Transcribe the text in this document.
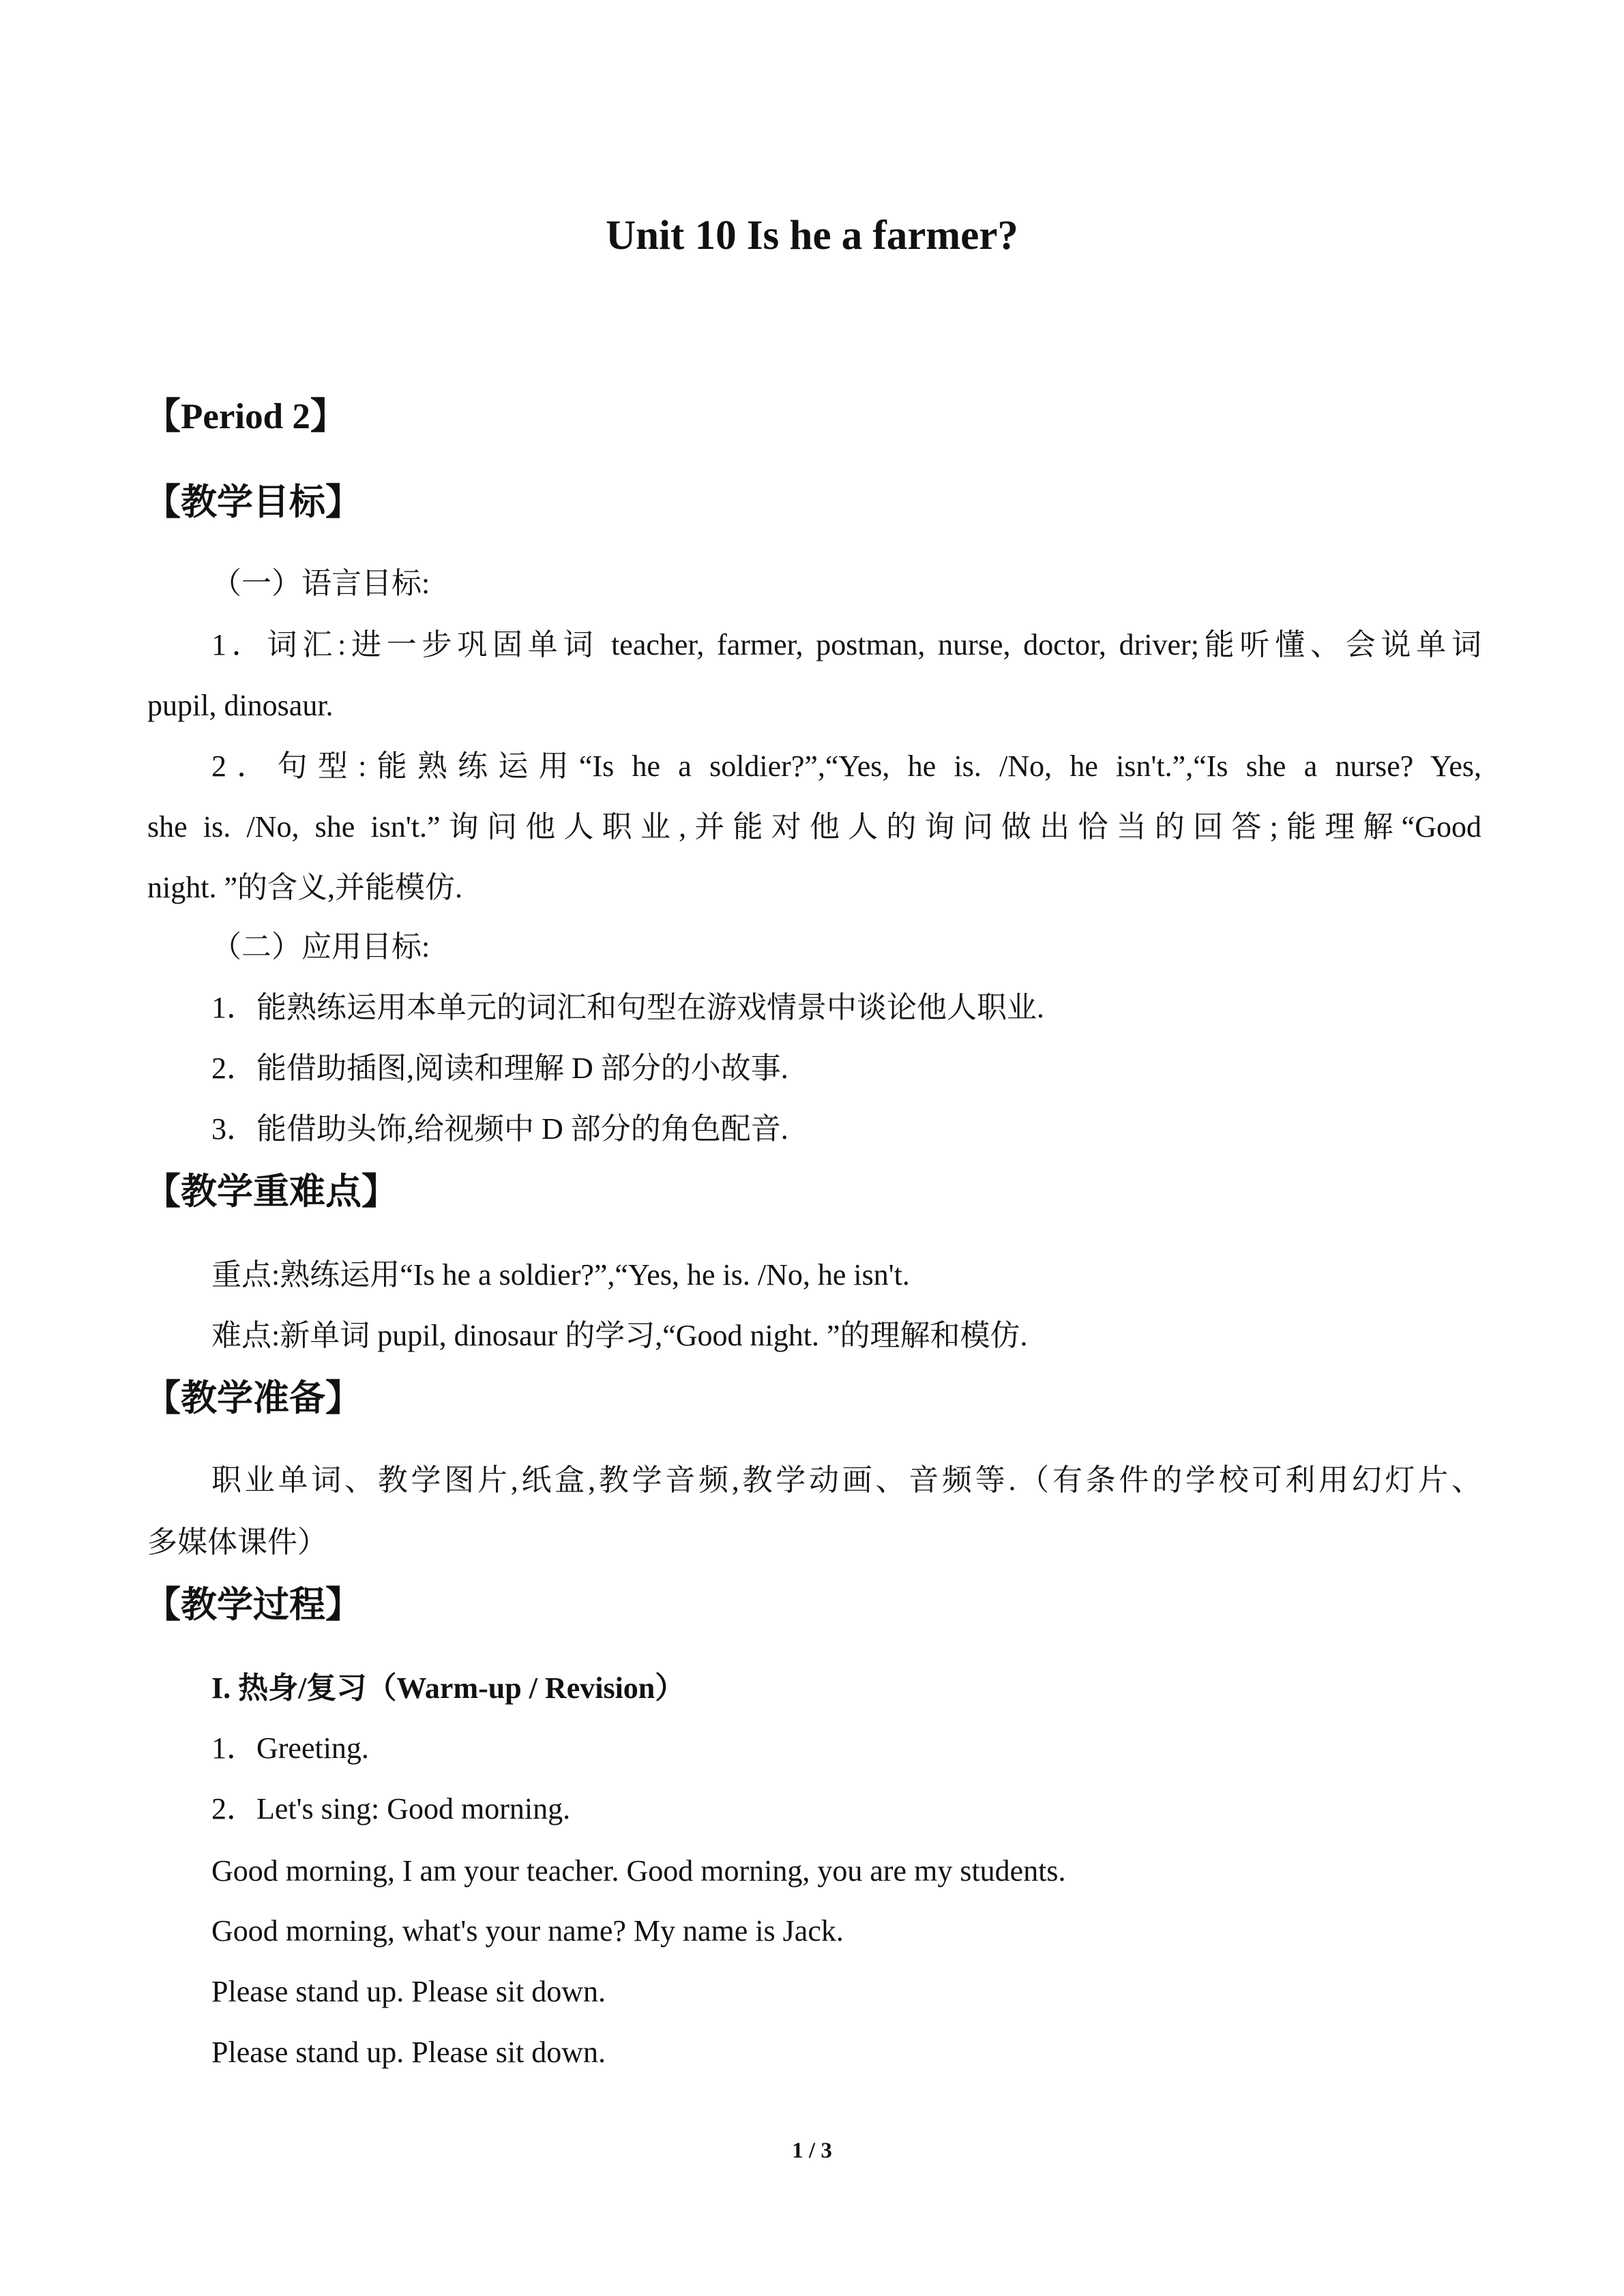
Unit 10 Is he a farmer?
【Period 2】
【教学目标】
（一）语言目标:
1．词汇:进一步巩固单词 teacher, farmer, postman, nurse, doctor, driver;能听懂、会说单词
pupil, dinosaur.
2．句型:能熟练运用“Is he a soldier?”,“Yes, he is. /No, he isn't.”,“Is she a nurse? Yes,
she is. /No, she isn't.”询问他人职业,并能对他人的询问做出恰当的回答;能理解“Good
night. ”的含义,并能模仿.
（二）应用目标:
1．能熟练运用本单元的词汇和句型在游戏情景中谈论他人职业.
2．能借助插图,阅读和理解 D 部分的小故事.
3．能借助头饰,给视频中 D 部分的角色配音.
【教学重难点】
重点:熟练运用“Is he a soldier?”,“Yes, he is. /No, he isn't.
难点:新单词 pupil, dinosaur 的学习,“Good night. ”的理解和模仿.
【教学准备】
职业单词、教学图片,纸盒,教学音频,教学动画、音频等.（有条件的学校可利用幻灯片、
多媒体课件）
【教学过程】
I. 热身/复习（Warm-up / Revision）
1．Greeting.
2．Let's sing: Good morning.
Good morning, I am your teacher. Good morning, you are my students.
Good morning, what's your name? My name is Jack.
Please stand up. Please sit down.
Please stand up. Please sit down.
1 / 3
